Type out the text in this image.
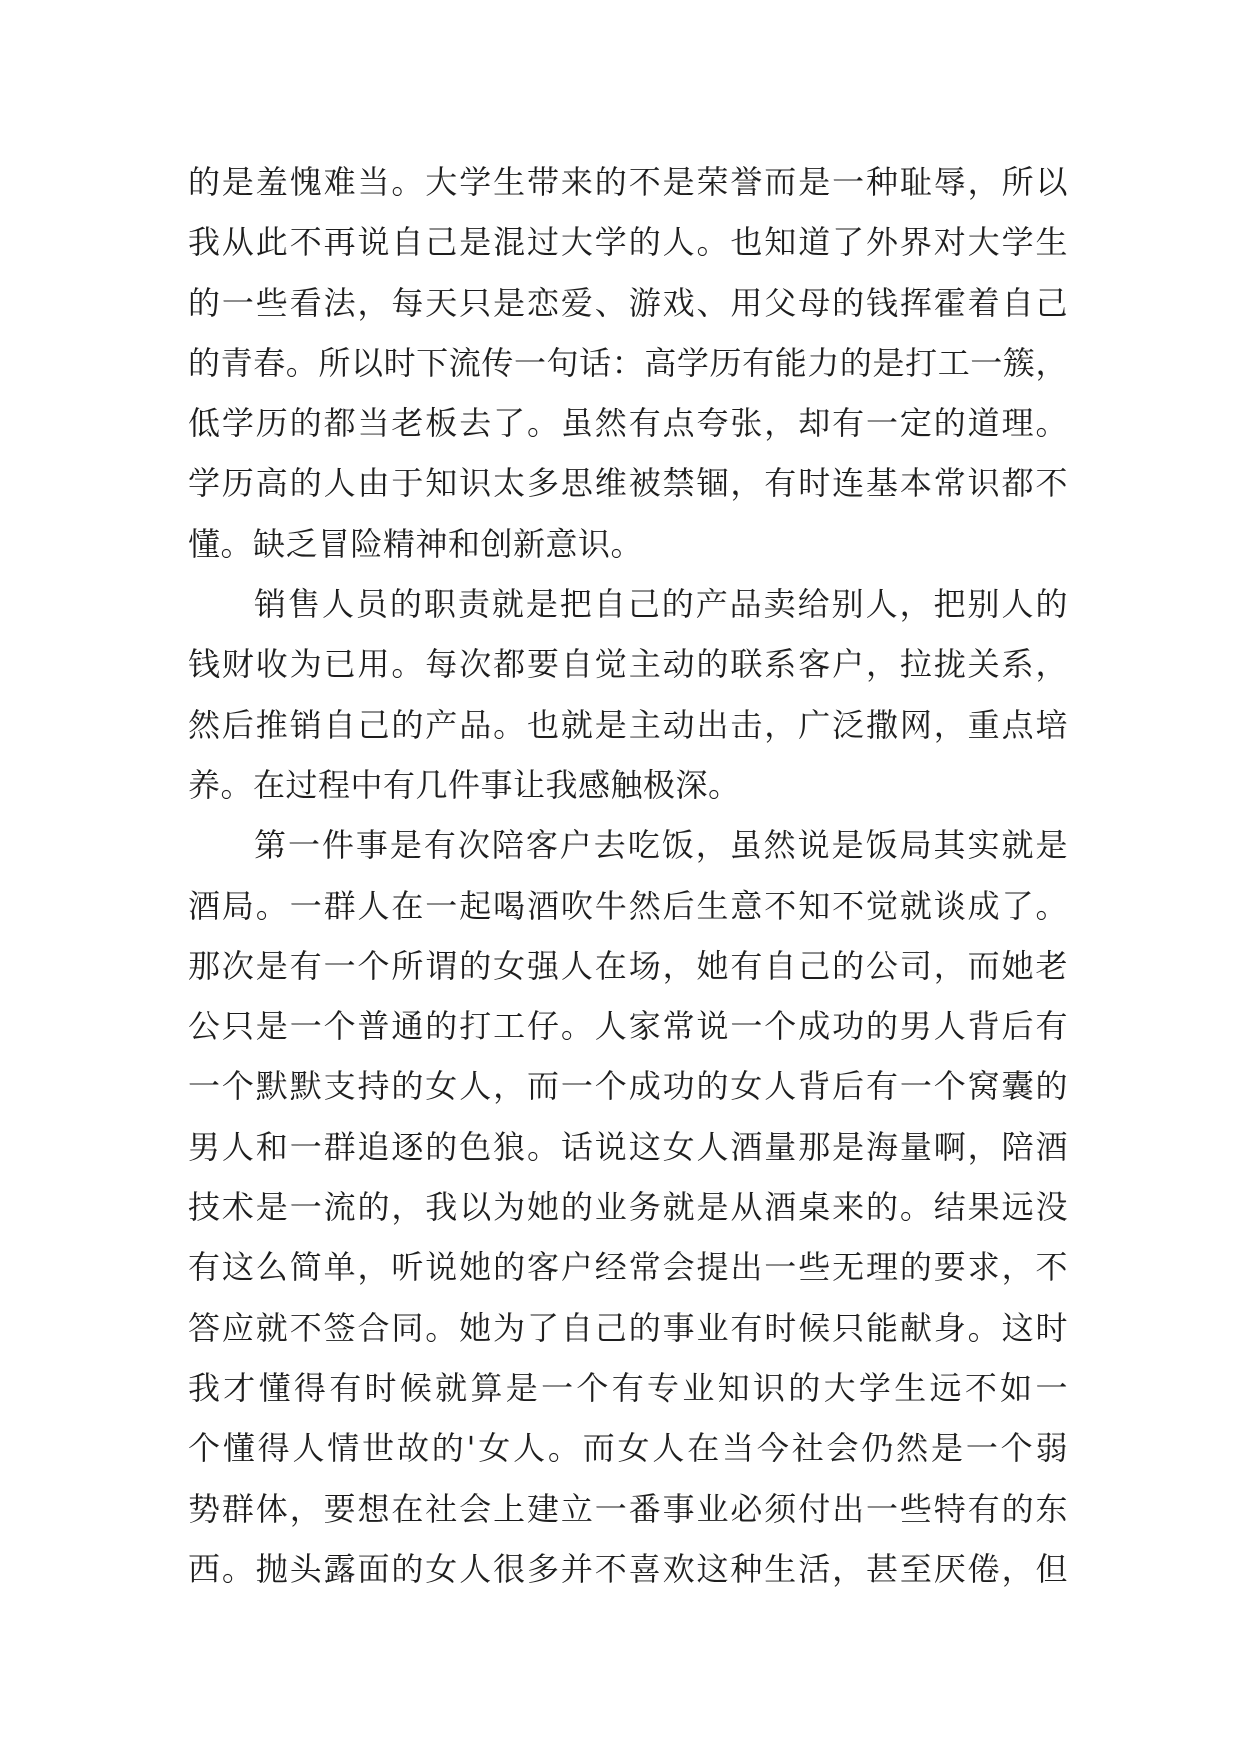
的是羞愧难当。大学生带来的不是荣誉而是一种耻辱，所以
我从此不再说自己是混过大学的人。也知道了外界对大学生
的一些看法，每天只是恋爱、游戏、用父母的钱挥霍着自己
的青春。所以时下流传一句话：高学历有能力的是打工一簇，
低学历的都当老板去了。虽然有点夸张，却有一定的道理。
学历高的人由于知识太多思维被禁锢，有时连基本常识都不
懂。缺乏冒险精神和创新意识。
销售人员的职责就是把自己的产品卖给别人，把别人的
钱财收为已用。每次都要自觉主动的联系客户，拉拢关系，
然后推销自己的产品。也就是主动出击，广泛撒网，重点培
养。在过程中有几件事让我感触极深。
第一件事是有次陪客户去吃饭，虽然说是饭局其实就是
酒局。一群人在一起喝酒吹牛然后生意不知不觉就谈成了。
那次是有一个所谓的女强人在场，她有自己的公司，而她老
公只是一个普通的打工仔。人家常说一个成功的男人背后有
一个默默支持的女人，而一个成功的女人背后有一个窝囊的
男人和一群追逐的色狼。话说这女人酒量那是海量啊，陪酒
技术是一流的，我以为她的业务就是从酒桌来的。结果远没
有这么简单，听说她的客户经常会提出一些无理的要求，不
答应就不签合同。她为了自己的事业有时候只能献身。这时
我才懂得有时候就算是一个有专业知识的大学生远不如一
个懂得人情世故的'女人。而女人在当今社会仍然是一个弱
势群体，要想在社会上建立一番事业必须付出一些特有的东
西。抛头露面的女人很多并不喜欢这种生活，甚至厌倦，但
